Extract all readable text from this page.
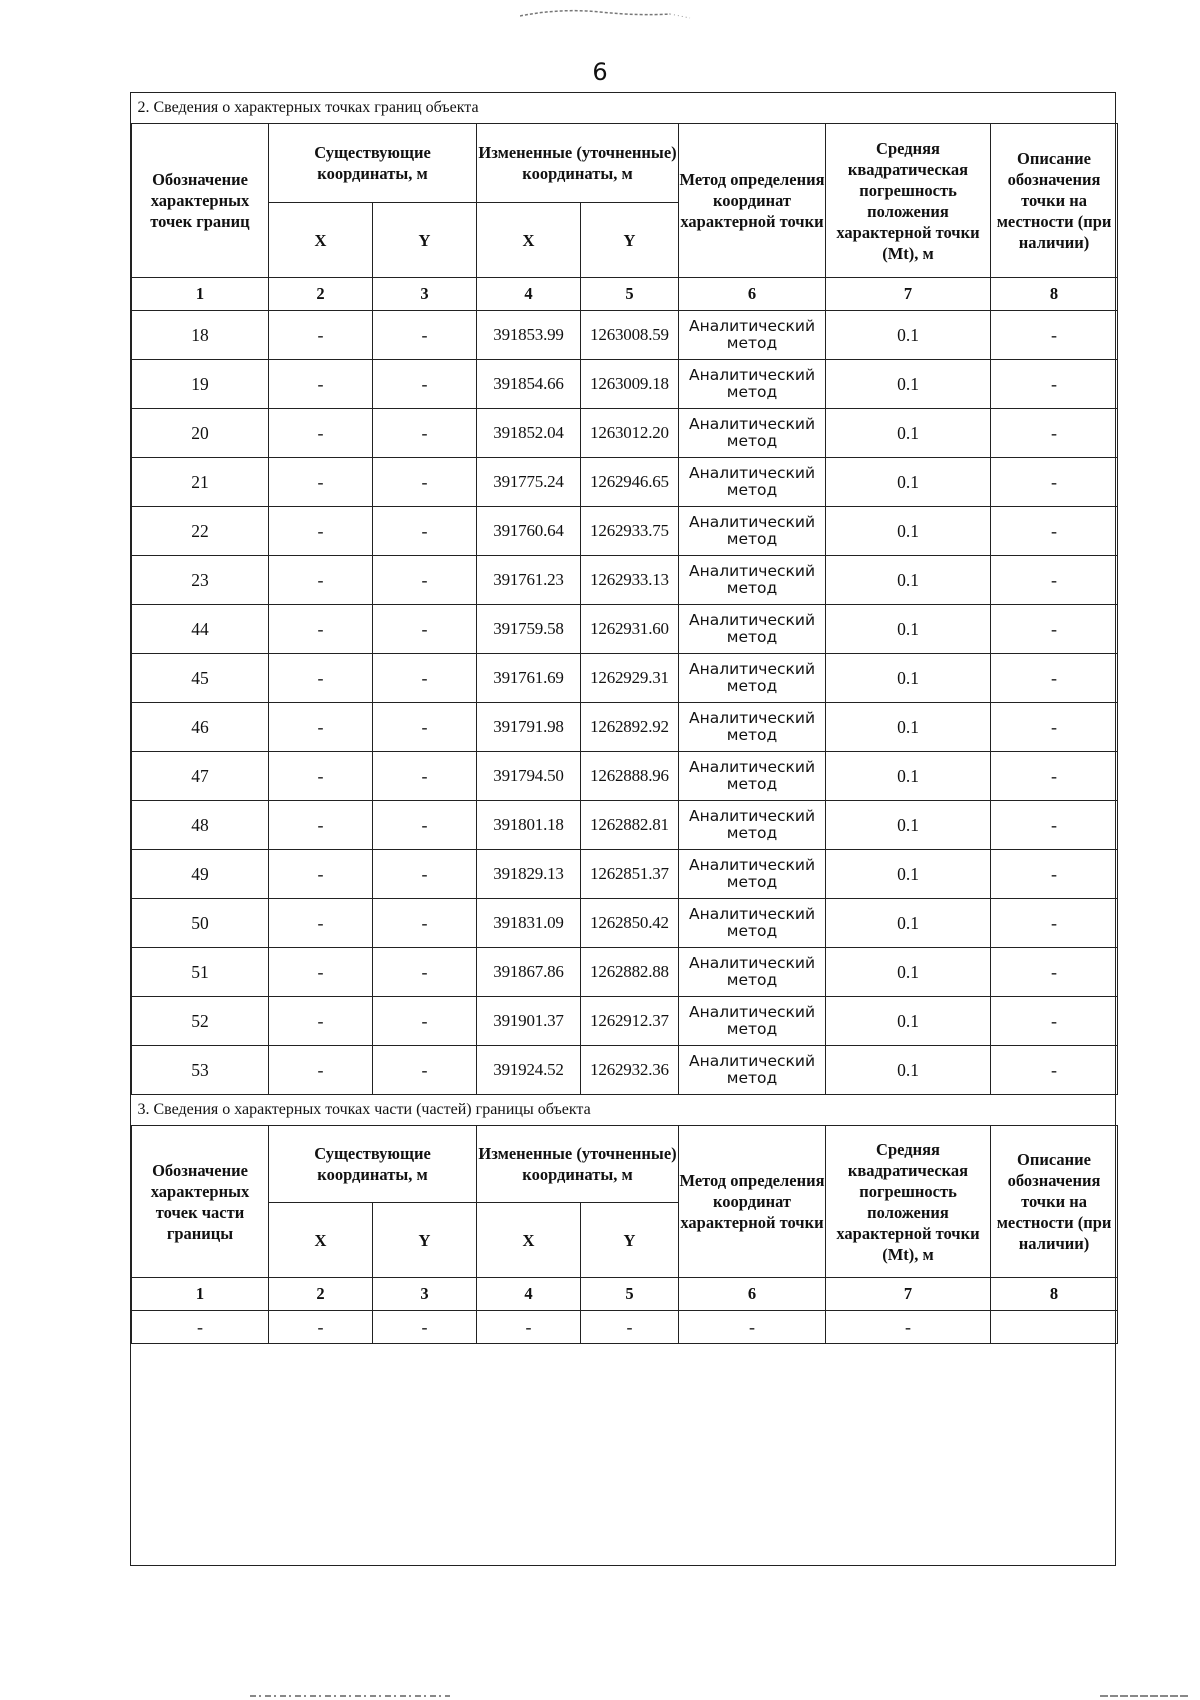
6
2. Сведения о характерных точках границ объекта							
Обозначение характерных точек границ	Существующие координаты, м		Измененные (уточненные) координаты, м		Метод определения координат характерной точки	Средняя квадратическая погрешность положения характерной точки (Mt), м	Описание обозначения точки на местности (при наличии)
	X	Y	X	Y			
1	2	3	4	5	6	7	8
18	-	-	391853.99	1263008.59	Аналитический метод	0.1	-
19	-	-	391854.66	1263009.18	Аналитический метод	0.1	-
20	-	-	391852.04	1263012.20	Аналитический метод	0.1	-
21	-	-	391775.24	1262946.65	Аналитический метод	0.1	-
22	-	-	391760.64	1262933.75	Аналитический метод	0.1	-
23	-	-	391761.23	1262933.13	Аналитический метод	0.1	-
44	-	-	391759.58	1262931.60	Аналитический метод	0.1	-
45	-	-	391761.69	1262929.31	Аналитический метод	0.1	-
46	-	-	391791.98	1262892.92	Аналитический метод	0.1	-
47	-	-	391794.50	1262888.96	Аналитический метод	0.1	-
48	-	-	391801.18	1262882.81	Аналитический метод	0.1	-
49	-	-	391829.13	1262851.37	Аналитический метод	0.1	-
50	-	-	391831.09	1262850.42	Аналитический метод	0.1	-
51	-	-	391867.86	1262882.88	Аналитический метод	0.1	-
52	-	-	391901.37	1262912.37	Аналитический метод	0.1	-
53	-	-	391924.52	1262932.36	Аналитический метод	0.1	-
3. Сведения о характерных точках части (частей) границы объекта							
Обозначение характерных точек части границы	Существующие координаты, м		Измененные (уточненные) координаты, м		Метод определения координат характерной точки	Средняя квадратическая погрешность положения характерной точки (Mt), м	Описание обозначения точки на местности (при наличии)
	X	Y	X	Y			
1	2	3	4	5	6	7	8
-	-	-	-	-	-	-	
